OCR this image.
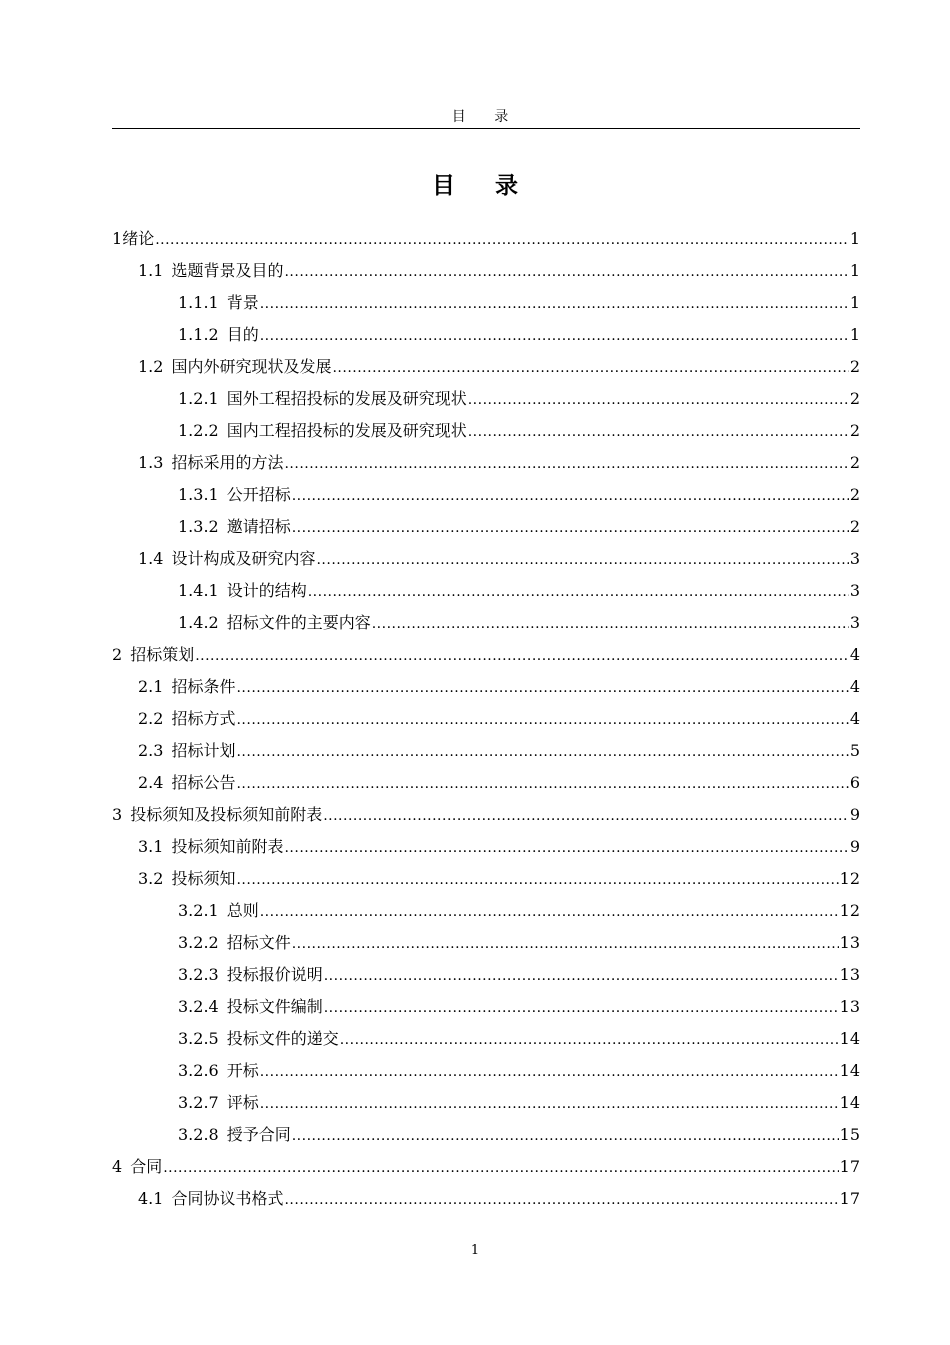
目 录
目 录
1 绪论 .....	1
1.1 选题背景及目的 .....	1
1.1.1 背景 .....	1
1.1.2 目的 .....	1
1.2 国内外研究现状及发展 .....	2
1.2.1 国外工程招投标的发展及研究现状 .....	2
1.2.2 国内工程招投标的发展及研究现状 .....	2
1.3 招标采用的方法 .....	2
1.3.1 公开招标 .....	2
1.3.2 邀请招标 .....	2
1.4 设计构成及研究内容 .....	3
1.4.1 设计的结构 .....	3
1.4.2 招标文件的主要内容 .....	3
2 招标策划 .....	4
2.1 招标条件 .....	4
2.2 招标方式 .....	4
2.3 招标计划 .....	5
2.4 招标公告 .....	6
3 投标须知及投标须知前附表 .....	9
3.1 投标须知前附表 .....	9
3.2 投标须知 .....	12
3.2.1 总则 .....	12
3.2.2 招标文件 .....	13
3.2.3 投标报价说明 .....	13
3.2.4 投标文件编制 .....	13
3.2.5 投标文件的递交 .....	14
3.2.6 开标 .....	14
3.2.7 评标 .....	14
3.2.8 授予合同 .....	15
4 合同 .....	17
4.1 合同协议书格式 .....	17
1
